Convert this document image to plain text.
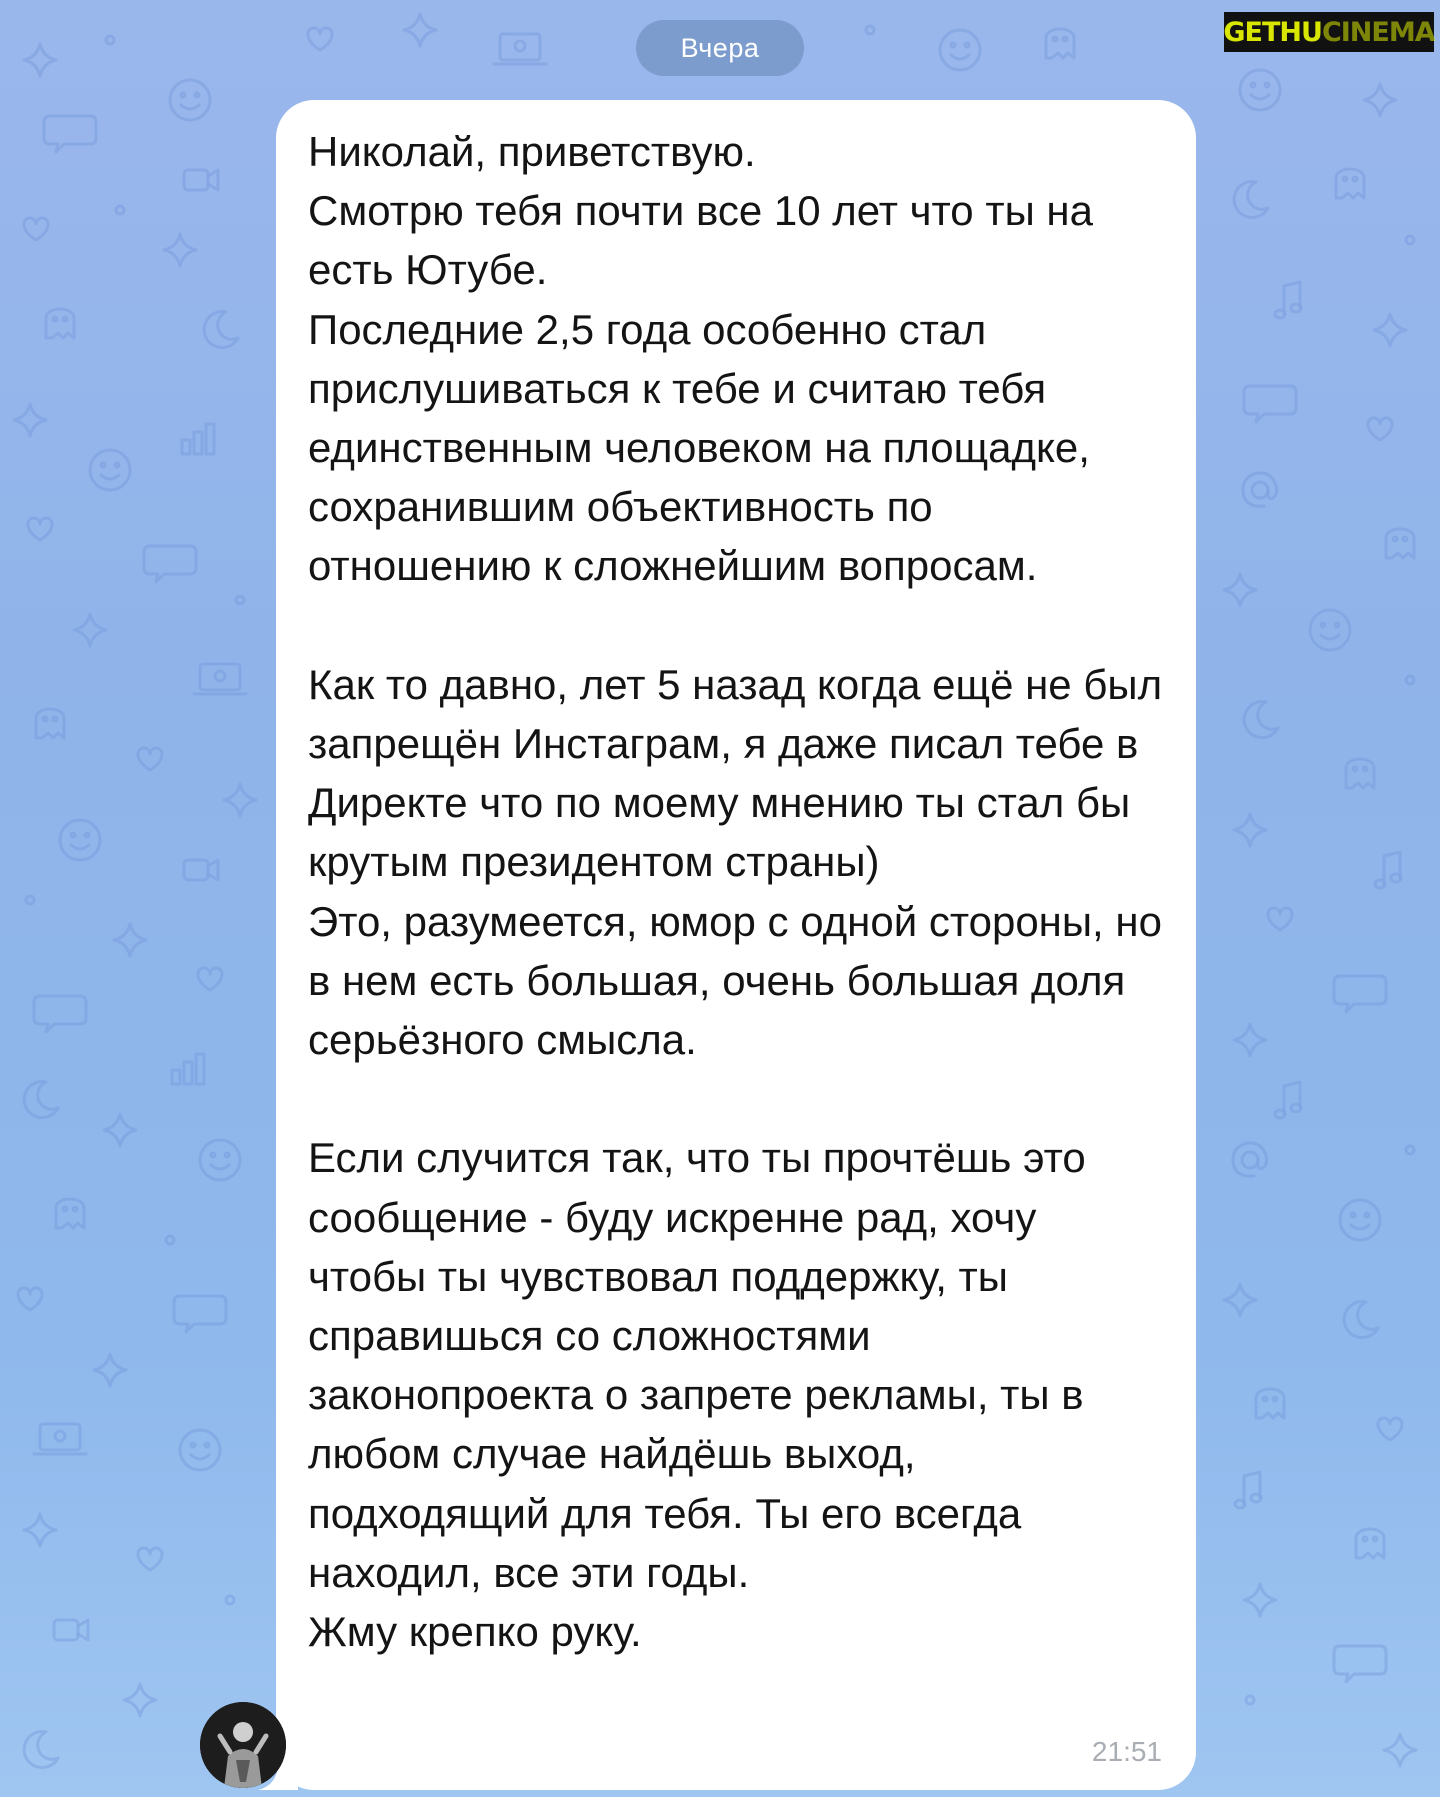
Вчера

Николай, приветствую.
Смотрю тебя почти все 10 лет что ты на есть Ютубе.
Последние 2,5 года особенно стал прислушиваться к тебе и считаю тебя единственным человеком на площадке, сохранившим объективность по отношению к сложнейшим вопросам.

Как то давно, лет 5 назад когда ещё не был запрещён Инстаграм, я даже писал тебе в Директе что по моему мнению ты стал бы крутым президентом страны)
Это, разумеется, юмор с одной стороны, но в нем есть большая, очень большая доля серьёзного смысла.

Если случится так, что ты прочтёшь это сообщение - буду искренне рад, хочу чтобы ты чувствовал поддержку, ты справишься со сложностями законопроекта о запрете рекламы, ты в любом случае найдёшь выход, подходящий для тебя. Ты его всегда находил, все эти годы.
Жму крепко руку.

21:51
GETHU CINEMA
